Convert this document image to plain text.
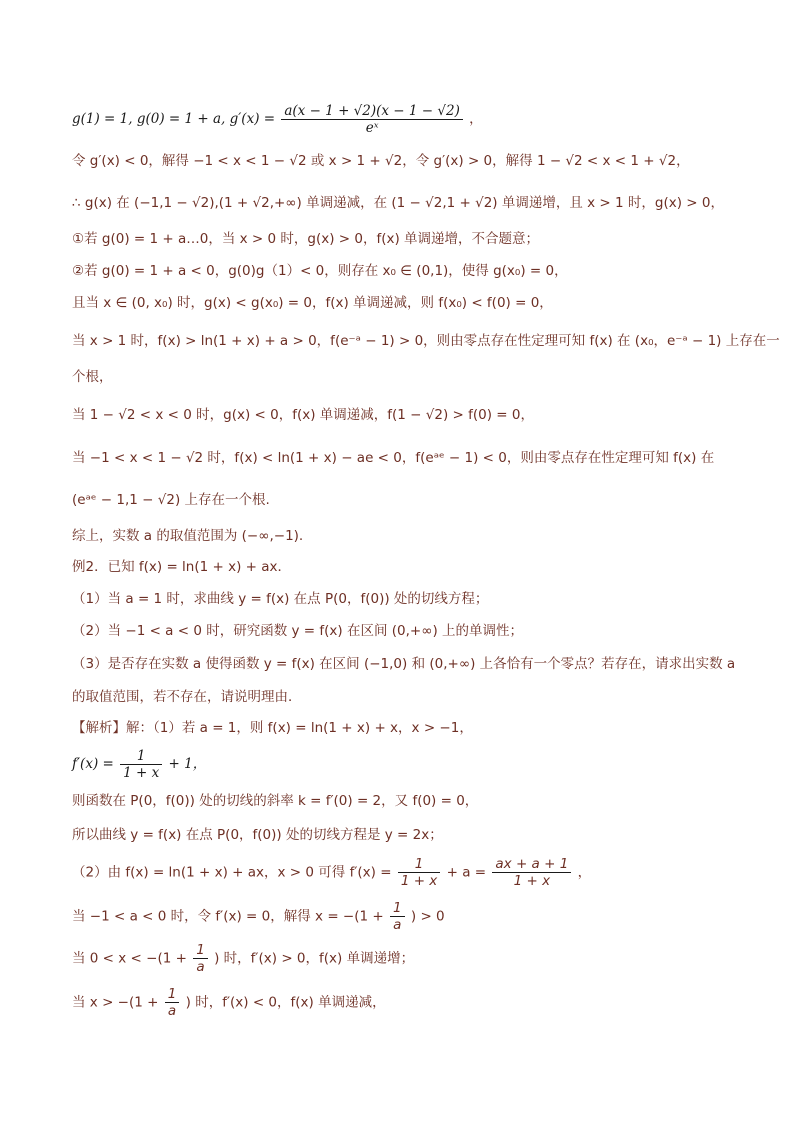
g(1) = 1, g(0) = 1 + a, $g'(x) = \frac{a(x - 1 + √2)(x - 1 - √2)}{\text{eˣ}}$ ，
令 g′(x) < 0，解得 −1 < x < 1 − √2 或 x > 1 + √2，令 g′(x) > 0，解得 1 − √2 < x < 1 + √2，
∴ g(x) 在 (−1,1 − √2),(1 + √2,+∞) 单调递减，在 (1 − √2,1 + √2) 单调递增，且 x > 1 时，g(x) > 0，
①若 g(0) = 1 + a…0，当 x > 0 时，g(x) > 0，f(x) 单调递增，不合题意；
②若 g(0) = 1 + a < 0，g(0)g（1）< 0，则存在 x₀ ∈ (0,1)，使得 g(x₀) = 0，
且当 x ∈ (0, x₀) 时，g(x) < g(x₀) = 0，f(x) 单调递减，则 f(x₀) < f(0) = 0，
当 x > 1 时，f(x) > ln(1 + x) + a > 0，f(e⁻ᵃ − 1) > 0，则由零点存在性定理可知 f(x) 在 (x₀，e⁻ᵃ − 1) 上存在一
个根，
当 1 − √2 < x < 0 时，g(x) < 0，f(x) 单调递减，f(1 − √2) > f(0) = 0，
当 −1 < x < 1 − √2 时，f(x) < ln(1 + x) − ae < 0，f(eᵃᵉ − 1) < 0，则由零点存在性定理可知 f(x) 在
(eᵃᵉ − 1,1 − √2) 上存在一个根.
综上，实数 a 的取值范围为 (−∞,−1).
例2．已知 f(x) = ln(1 + x) + ax．
（1）当 a = 1 时，求曲线 y = f(x) 在点 P(0，f(0)) 处的切线方程；
（2）当 −1 < a < 0 时，研究函数 y = f(x) 在区间 (0,+∞) 上的单调性；
（3）是否存在实数 a 使得函数 y = f(x) 在区间 (−1,0) 和 (0,+∞) 上各恰有一个零点？若存在，请求出实数 a
的取值范围，若不存在，请说明理由．
【解析】解：（1）若 a = 1，则 f(x) = ln(1 + x) + x，x > −1，
$f'(x) = \frac{1}{1 + x} + 1$，
则函数在 P(0，f(0)) 处的切线的斜率 k = f′(0) = 2，又 f(0) = 0，
所以曲线 y = f(x) 在点 P(0，f(0)) 处的切线方程是 y = 2x；
（2）由 f(x) = ln(1 + x) + ax，x > 0 可得 $f'(x) = \frac{1}{1 + x} + a = \frac{ax + a + 1}{1 + x}$ ，
当 −1 < a < 0 时，令 f′(x) = 0，解得 $x = -(1 + \frac{1}{a}$ ) > 0
当 $0 < x < -(1 + \frac{1}{a}$ ) 时，f′(x) > 0，f(x) 单调递增；
当 $x > -(1 + \frac{1}{a}$ ) 时，f′(x) < 0，f(x) 单调递减，
